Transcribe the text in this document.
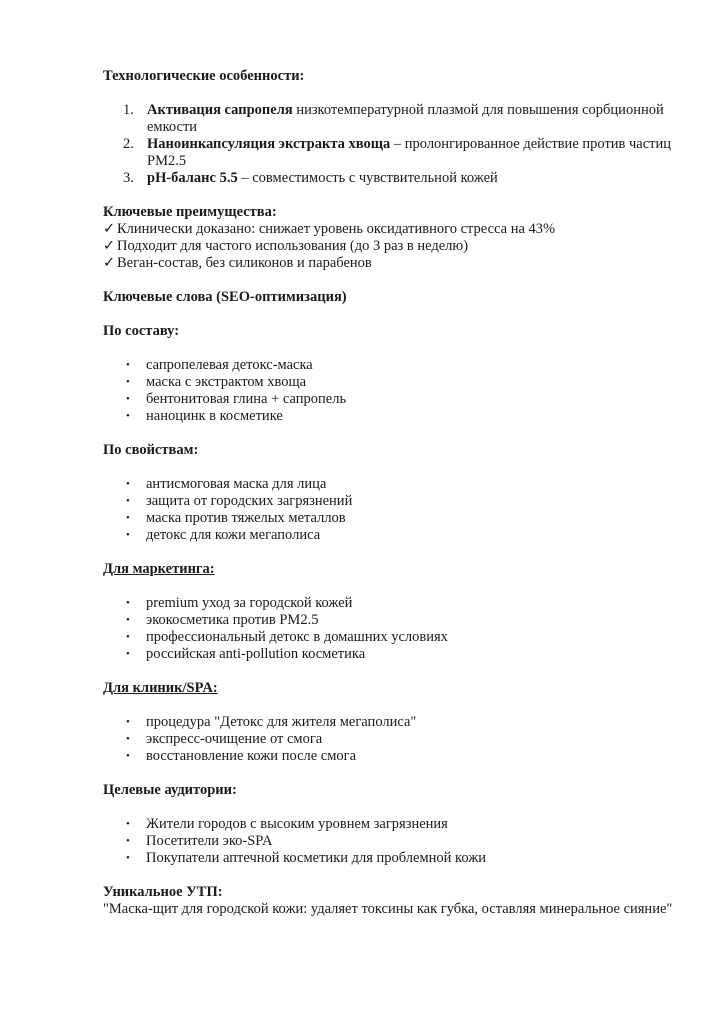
Технологические особенности:

1. Активация сапропеля низкотемпературной плазмой для повышения сорбционной емкости
2. Наноинкапсуляция экстракта хвоща – пролонгированное действие против частиц PM2.5
3. pH-баланс 5.5 – совместимость с чувствительной кожей

Ключевые преимущества:

✓ Клинически доказано: снижает уровень оксидативного стресса на 43%

✓ Подходит для частого использования (до 3 раз в неделю)

✓ Веган-состав, без силиконов и парабенов

Ключевые слова (SEO-оптимизация)

По составу:

• сапропелевая детокс-маска
• маска с экстрактом хвоща
• бентонитовая глина + сапропель
• наноцинк в косметике

По свойствам:

• антисмоговая маска для лица
• защита от городских загрязнений
• маска против тяжелых металлов
• детокс для кожи мегаполиса

Для маркетинга:

• premium уход за городской кожей
• экокосметика против PM2.5
• профессиональный детокс в домашних условиях
• российская anti-pollution косметика

Для клиник/SPA:

• процедура "Детокс для жителя мегаполиса"
• экспресс-очищение от смога
• восстановление кожи после смога

Целевые аудитории:

• Жители городов с высоким уровнем загрязнения
• Посетители эко-SPA
• Покупатели аптечной косметики для проблемной кожи

Уникальное УТП:

"Маска-щит для городской кожи: удаляет токсины как губка, оставляя минеральное сияние"
